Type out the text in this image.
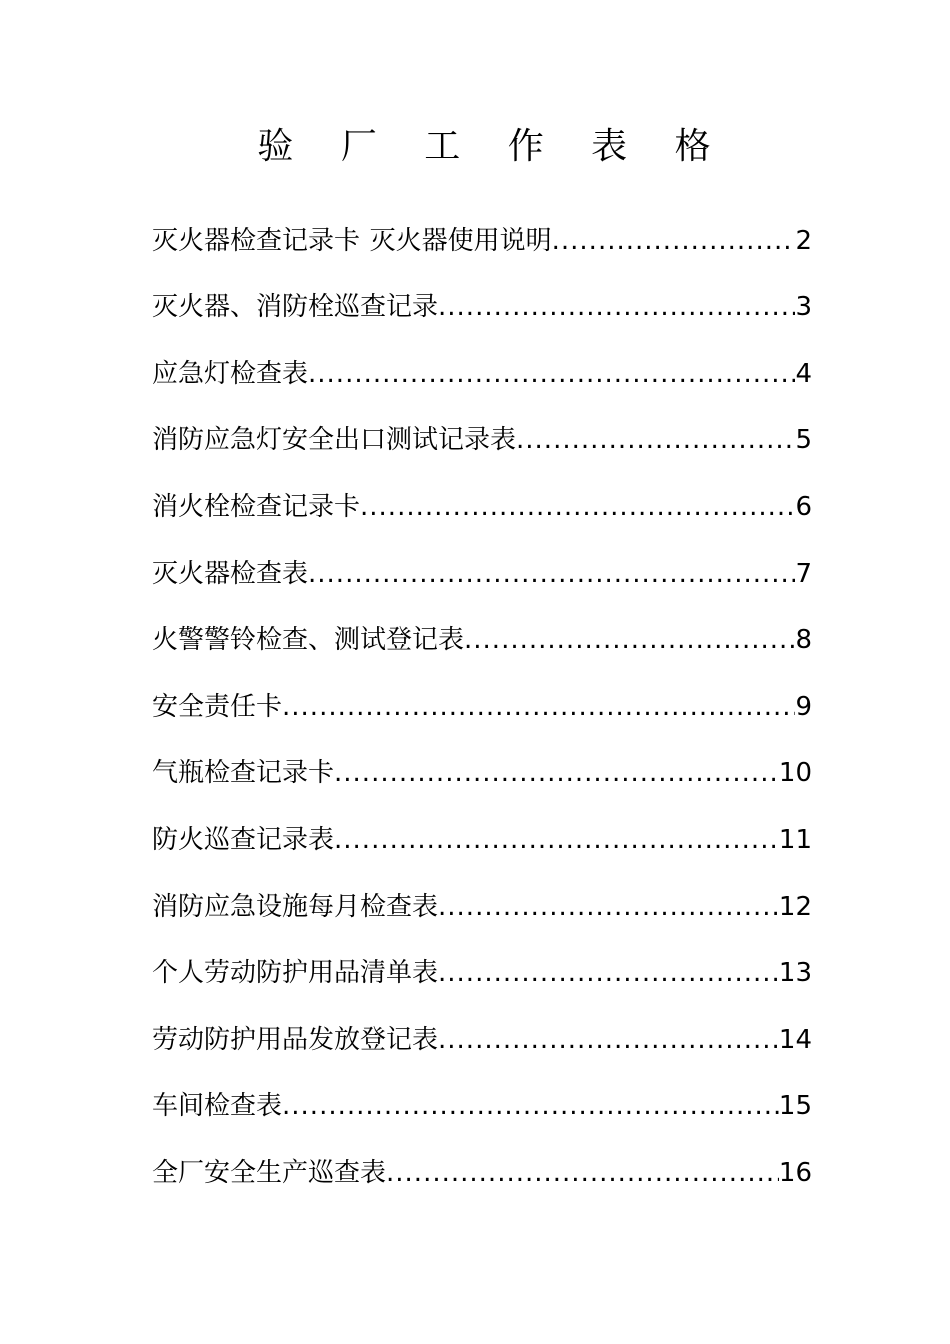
验 厂 工 作 表 格
灭火器检查记录卡 灭火器使用说明 .....	2
灭火器、消防栓巡查记录 .....	3
应急灯检查表 .....	4
消防应急灯安全出口测试记录表 .....	5
消火栓检查记录卡 .....	6
灭火器检查表 .....	7
火警警铃检查、测试登记表 .....	8
安全责任卡 .....	9
气瓶检查记录卡 .....	10
防火巡查记录表 .....	11
消防应急设施每月检查表 .....	12
个人劳动防护用品清单表 .....	13
劳动防护用品发放登记表 .....	14
车间检查表 .....	15
全厂安全生产巡查表 .....	16
